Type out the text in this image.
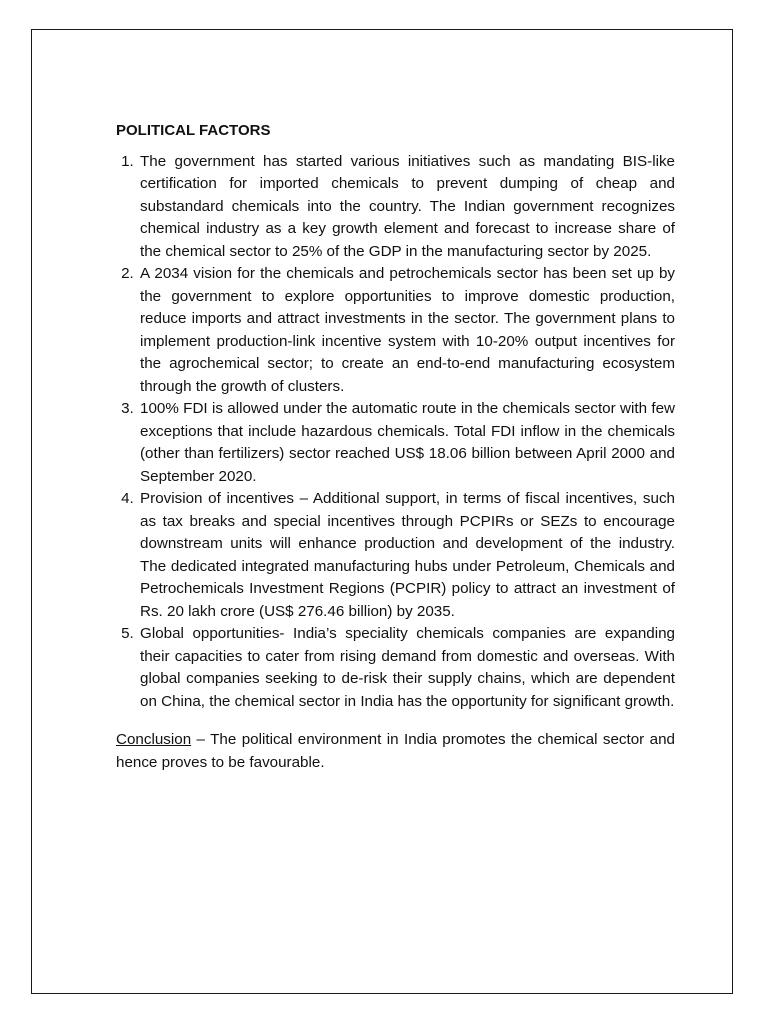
POLITICAL FACTORS
1. The government has started various initiatives such as mandating BIS-like certification for imported chemicals to prevent dumping of cheap and substandard chemicals into the country. The Indian government recognizes chemical industry as a key growth element and forecast to increase share of the chemical sector to 25% of the GDP in the manufacturing sector by 2025.
2. A 2034 vision for the chemicals and petrochemicals sector has been set up by the government to explore opportunities to improve domestic production, reduce imports and attract investments in the sector. The government plans to implement production-link incentive system with 10-20% output incentives for the agrochemical sector; to create an end-to-end manufacturing ecosystem through the growth of clusters.
3. 100% FDI is allowed under the automatic route in the chemicals sector with few exceptions that include hazardous chemicals. Total FDI inflow in the chemicals (other than fertilizers) sector reached US$ 18.06 billion between April 2000 and September 2020.
4. Provision of incentives – Additional support, in terms of fiscal incentives, such as tax breaks and special incentives through PCPIRs or SEZs to encourage downstream units will enhance production and development of the industry. The dedicated integrated manufacturing hubs under Petroleum, Chemicals and Petrochemicals Investment Regions (PCPIR) policy to attract an investment of Rs. 20 lakh crore (US$ 276.46 billion) by 2035.
5. Global opportunities- India’s speciality chemicals companies are expanding their capacities to cater from rising demand from domestic and overseas. With global companies seeking to de-risk their supply chains, which are dependent on China, the chemical sector in India has the opportunity for significant growth.
Conclusion – The political environment in India promotes the chemical sector and hence proves to be favourable.
